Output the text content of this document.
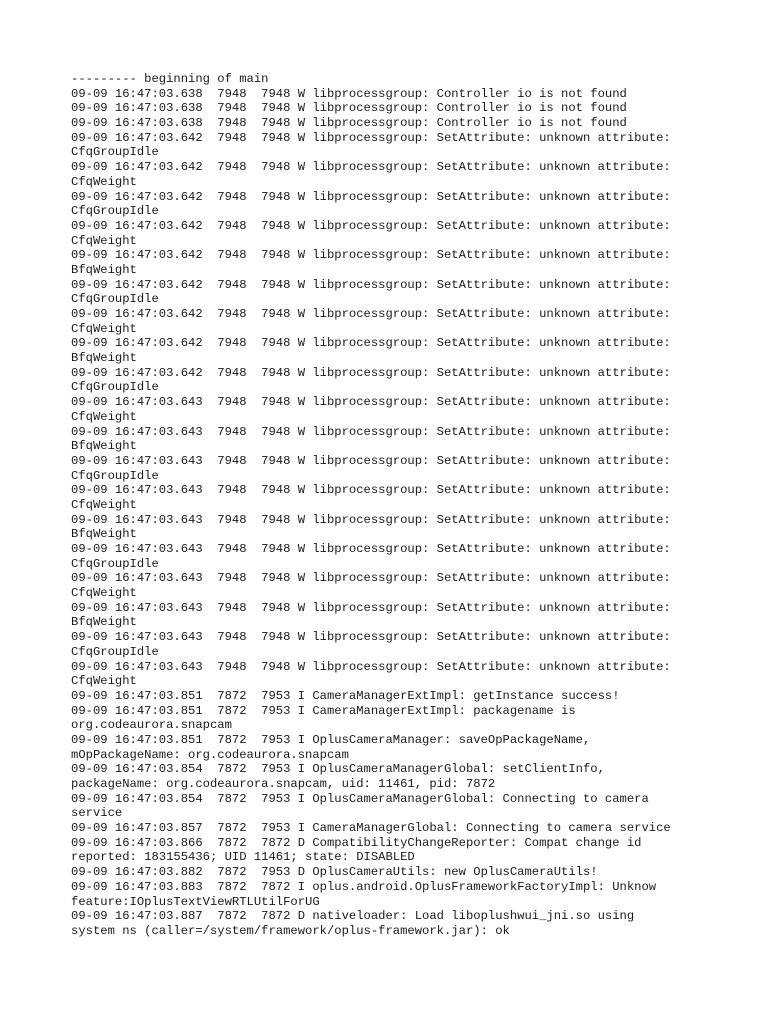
--------- beginning of main
09-09 16:47:03.638  7948  7948 W libprocessgroup: Controller io is not found
09-09 16:47:03.638  7948  7948 W libprocessgroup: Controller io is not found
09-09 16:47:03.638  7948  7948 W libprocessgroup: Controller io is not found
09-09 16:47:03.642  7948  7948 W libprocessgroup: SetAttribute: unknown attribute:
CfqGroupIdle
09-09 16:47:03.642  7948  7948 W libprocessgroup: SetAttribute: unknown attribute:
CfqWeight
09-09 16:47:03.642  7948  7948 W libprocessgroup: SetAttribute: unknown attribute:
CfqGroupIdle
09-09 16:47:03.642  7948  7948 W libprocessgroup: SetAttribute: unknown attribute:
CfqWeight
09-09 16:47:03.642  7948  7948 W libprocessgroup: SetAttribute: unknown attribute:
BfqWeight
09-09 16:47:03.642  7948  7948 W libprocessgroup: SetAttribute: unknown attribute:
CfqGroupIdle
09-09 16:47:03.642  7948  7948 W libprocessgroup: SetAttribute: unknown attribute:
CfqWeight
09-09 16:47:03.642  7948  7948 W libprocessgroup: SetAttribute: unknown attribute:
BfqWeight
09-09 16:47:03.642  7948  7948 W libprocessgroup: SetAttribute: unknown attribute:
CfqGroupIdle
09-09 16:47:03.643  7948  7948 W libprocessgroup: SetAttribute: unknown attribute:
CfqWeight
09-09 16:47:03.643  7948  7948 W libprocessgroup: SetAttribute: unknown attribute:
BfqWeight
09-09 16:47:03.643  7948  7948 W libprocessgroup: SetAttribute: unknown attribute:
CfqGroupIdle
09-09 16:47:03.643  7948  7948 W libprocessgroup: SetAttribute: unknown attribute:
CfqWeight
09-09 16:47:03.643  7948  7948 W libprocessgroup: SetAttribute: unknown attribute:
BfqWeight
09-09 16:47:03.643  7948  7948 W libprocessgroup: SetAttribute: unknown attribute:
CfqGroupIdle
09-09 16:47:03.643  7948  7948 W libprocessgroup: SetAttribute: unknown attribute:
CfqWeight
09-09 16:47:03.643  7948  7948 W libprocessgroup: SetAttribute: unknown attribute:
BfqWeight
09-09 16:47:03.643  7948  7948 W libprocessgroup: SetAttribute: unknown attribute:
CfqGroupIdle
09-09 16:47:03.643  7948  7948 W libprocessgroup: SetAttribute: unknown attribute:
CfqWeight
09-09 16:47:03.851  7872  7953 I CameraManagerExtImpl: getInstance success!
09-09 16:47:03.851  7872  7953 I CameraManagerExtImpl: packagename is
org.codeaurora.snapcam
09-09 16:47:03.851  7872  7953 I OplusCameraManager: saveOpPackageName,
mOpPackageName: org.codeaurora.snapcam
09-09 16:47:03.854  7872  7953 I OplusCameraManagerGlobal: setClientInfo,
packageName: org.codeaurora.snapcam, uid: 11461, pid: 7872
09-09 16:47:03.854  7872  7953 I OplusCameraManagerGlobal: Connecting to camera
service
09-09 16:47:03.857  7872  7953 I CameraManagerGlobal: Connecting to camera service
09-09 16:47:03.866  7872  7872 D CompatibilityChangeReporter: Compat change id
reported: 183155436; UID 11461; state: DISABLED
09-09 16:47:03.882  7872  7953 D OplusCameraUtils: new OplusCameraUtils!
09-09 16:47:03.883  7872  7872 I oplus.android.OplusFrameworkFactoryImpl: Unknow
feature:IOplusTextViewRTLUtilForUG
09-09 16:47:03.887  7872  7872 D nativeloader: Load liboplushwui_jni.so using
system ns (caller=/system/framework/oplus-framework.jar): ok
